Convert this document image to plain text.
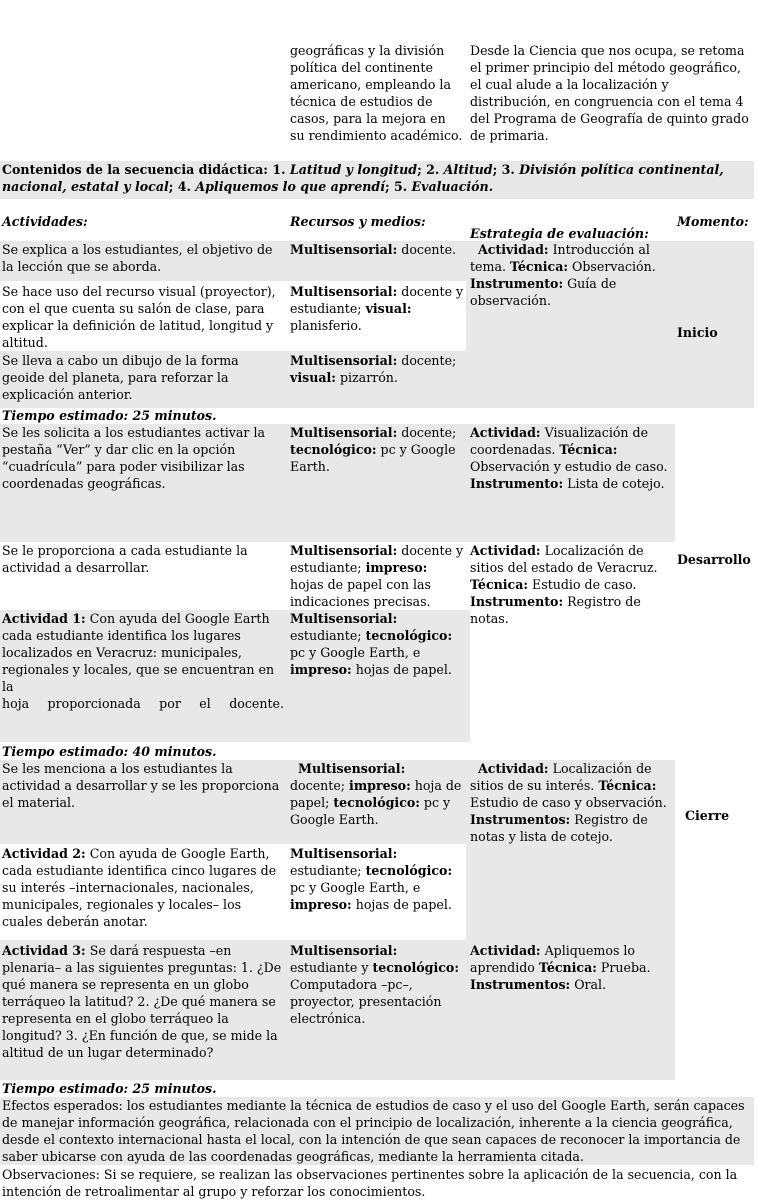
geográficas y la división política del continente americano, empleando la técnica de estudios de casos, para la mejora en su rendimiento académico.
Desde la Ciencia que nos ocupa, se retoma el primer principio del método geográfico, el cual alude a la localización y distribución, en congruencia con el tema 4 del Programa de Geografía de quinto grado de primaria.
Contenidos de la secuencia didáctica: 1. Latitud y longitud; 2. Altitud; 3. División política continental, nacional, estatal y local; 4. Apliquemos lo que aprendí; 5. Evaluación.
Actividades:	Recursos y medios:
Estrategia de evaluación:
Momento:
Se explica a los estudiantes, el objetivo de la lección que se aborda.
Multisensorial: docente.
Se hace uso del recurso visual (proyector), con el que cuenta su salón de clase, para explicar la definición de latitud, longitud y altitud.
Multisensorial: docente y estudiante; visual: planisferio.
Se lleva a cabo un dibujo de la forma geoide del planeta, para reforzar la explicación anterior.
Multisensorial: docente; visual: pizarrón.
Actividad: Introducción al tema. Técnica: Observación. Instrumento: Guía de observación.
Inicio
Tiempo estimado: 25 minutos.
Se les solicita a los estudiantes activar la pestaña “Ver” y dar clic en la opción “cuadrícula” para poder visibilizar las coordenadas geográficas.
Multisensorial: docente; tecnológico: pc y Google Earth.
Actividad: Visualización de coordenadas. Técnica: Observación y estudio de caso. Instrumento: Lista de cotejo.
Se le proporciona a cada estudiante la actividad a desarrollar.
Multisensorial: docente y estudiante; impreso: hojas de papel con las indicaciones precisas.
Actividad: Localización de sitios del estado de Veracruz. Técnica: Estudio de caso. Instrumento: Registro de notas.
Desarrollo
Actividad 1: Con ayuda del Google Earth cada estudiante identifica los lugares localizados en Veracruz: municipales, regionales y locales, que se encuentran en la
hoja proporcionada por el docente.
Multisensorial: estudiante; tecnológico: pc y Google Earth, e impreso: hojas de papel.
Tiempo estimado: 40 minutos.
Se les menciona a los estudiantes la actividad a desarrollar y se les proporciona el material.
Multisensorial: docente; impreso: hoja de papel; tecnológico: pc y Google Earth.
Actividad: Localización de sitios de su interés. Técnica: Estudio de caso y observación. Instrumentos: Registro de notas y lista de cotejo.
Cierre
Actividad 2: Con ayuda de Google Earth, cada estudiante identifica cinco lugares de su interés –internacionales, nacionales, municipales, regionales y locales– los cuales deberán anotar.
Multisensorial: estudiante; tecnológico: pc y Google Earth, e impreso: hojas de papel.
Actividad 3: Se dará respuesta –en plenaria– a las siguientes preguntas: 1. ¿De qué manera se representa en un globo terráqueo la latitud? 2. ¿De qué manera se representa en el globo terráqueo la longitud? 3. ¿En función de que, se mide la altitud de un lugar determinado?
Multisensorial: estudiante y tecnológico: Computadora –pc–, proyector, presentación electrónica.
Actividad: Apliquemos lo aprendido Técnica: Prueba. Instrumentos: Oral.
Tiempo estimado: 25 minutos.
Efectos esperados: los estudiantes mediante la técnica de estudios de caso y el uso del Google Earth, serán capaces de manejar información geográfica, relacionada con el principio de localización, inherente a la ciencia geográfica, desde el contexto internacional hasta el local, con la intención de que sean capaces de reconocer la importancia de saber ubicarse con ayuda de las coordenadas geográficas, mediante la herramienta citada.
Observaciones: Si se requiere, se realizan las observaciones pertinentes sobre la aplicación de la secuencia, con la intención de retroalimentar al grupo y reforzar los conocimientos.
